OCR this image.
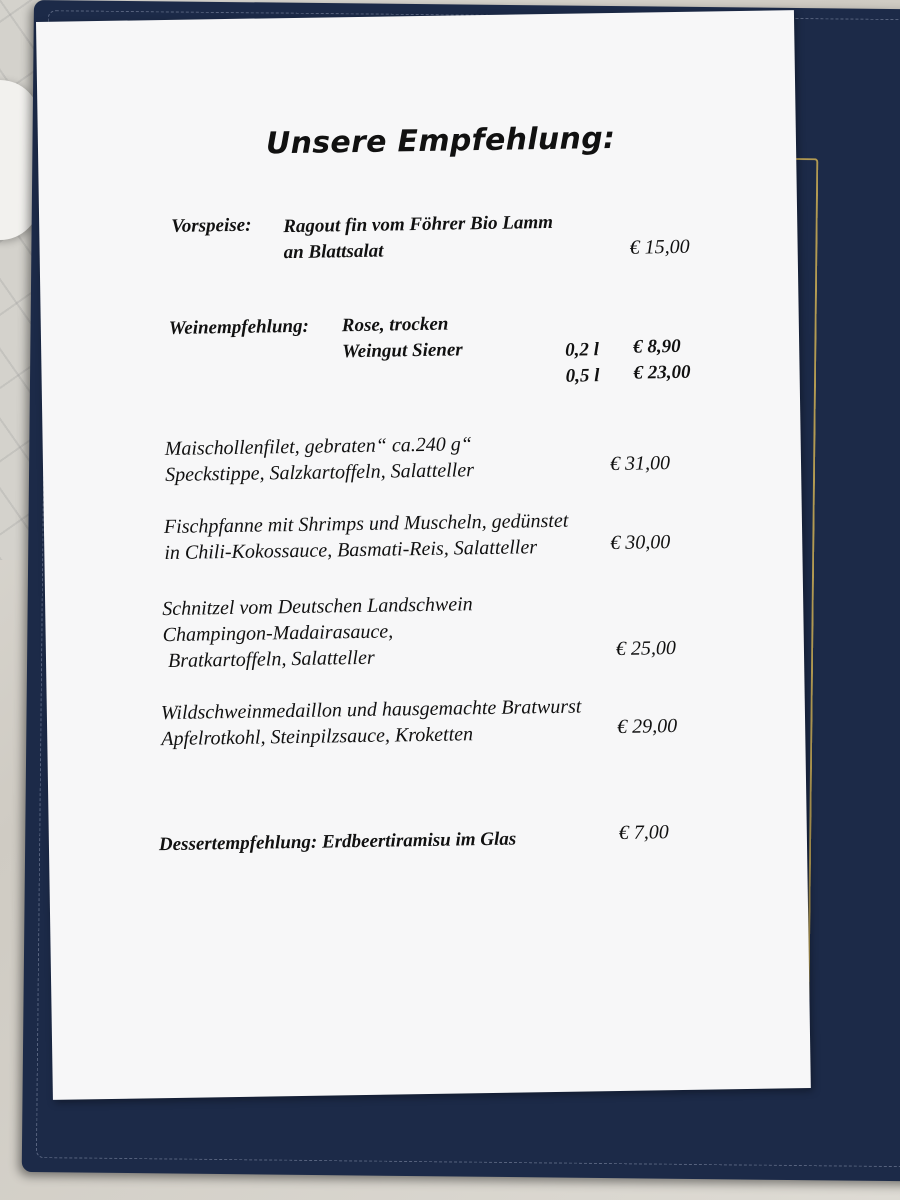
Unsere Empfehlung:
Vorspeise: Ragout fin vom Föhrer Bio Lamm
an Blattsalat	€ 15,00
Weinempfehlung: Rose, trocken
Weingut Siener	0,2 l € 8,90
0,5 l € 23,00
Maischollenfilet, gebraten“ ca.240 g“
Speckstippe, Salzkartoffeln, Salatteller	€ 31,00
Fischpfanne mit Shrimps und Muscheln, gedünstet
in Chili-Kokossauce, Basmati-Reis, Salatteller	€ 30,00
Schnitzel vom Deutschen Landschwein
Champingon-Madairasauce,
Bratkartoffeln, Salatteller	€ 25,00
Wildschweinmedaillon und hausgemachte Bratwurst
Apfelrotkohl, Steinpilzsauce, Kroketten	€ 29,00
Dessertempfehlung: Erdbeertiramisu im Glas	€ 7,00
